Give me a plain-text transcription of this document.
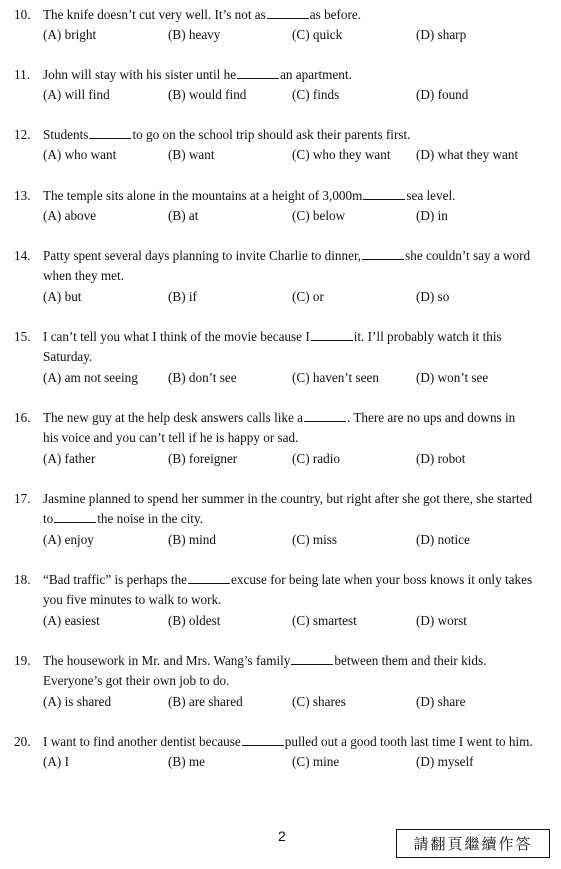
10. The knife doesn’t cut very well. It’s not as	as before.
(A) bright	(B) heavy	(C) quick	(D) sharp
11. John will stay with his sister until he	an apartment.
(A) will find	(B) would find	(C) finds	(D) found
12. Students	to go on the school trip should ask their parents first.
(A) who want	(B) want	(C) who they want (D) what they want
13. The temple sits alone in the mountains at a height of 3,000m	sea level.
(A) above	(B) at	(C) below	(D) in
14. Patty spent several days planning to invite Charlie to dinner,	she couldn’t say a word
when they met.
(A) but	(B) if	(C) or	(D) so
15. I can’t tell you what I think of the movie because I	it. I’ll probably watch it this
Saturday.
(A) am not seeing (B) don’t see	(C) haven’t seen	(D) won’t see
16. The new guy at the help desk answers calls like a	. There are no ups and downs in
his voice and you can’t tell if he is happy or sad.
(A) father	(B) foreigner	(C) radio	(D) robot
17. Jasmine planned to spend her summer in the country, but right after she got there, she started
to	the noise in the city.
(A) enjoy	(B) mind	(C) miss	(D) notice
18. “Bad traffic” is perhaps the	excuse for being late when your boss knows it only takes
you five minutes to walk to work.
(A) easiest	(B) oldest	(C) smartest	(D) worst
19. The housework in Mr. and Mrs. Wang’s family	between them and their kids.
Everyone’s got their own job to do.
(A) is shared	(B) are shared	(C) shares	(D) share
20. I want to find another dentist because	pulled out a good tooth last time I went to him.
(A) I	(B) me	(C) mine	(D) myself
2	請翻頁繼續作答
